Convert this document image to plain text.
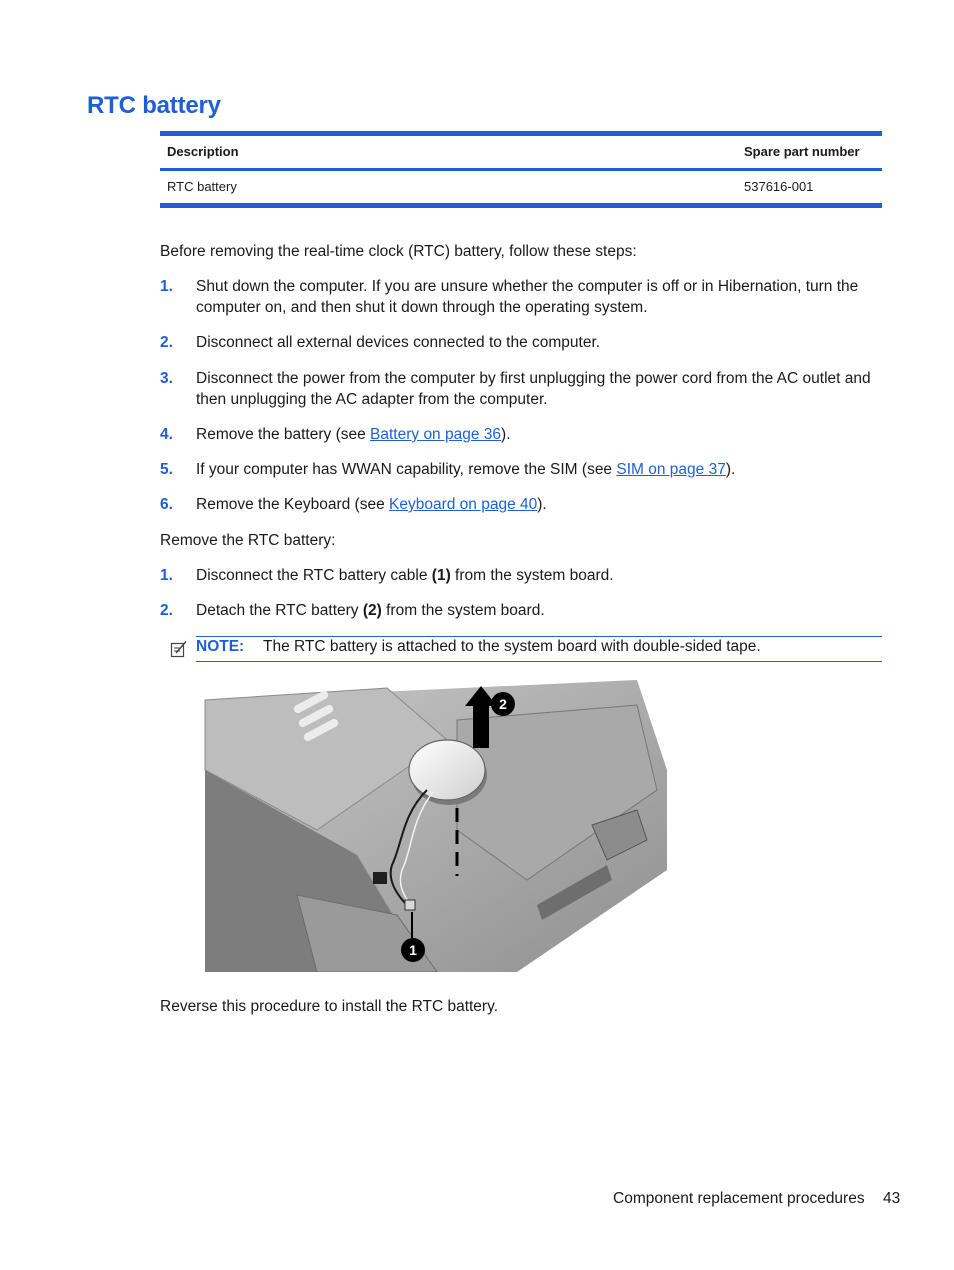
RTC battery
Description	Spare part number
RTC battery	537616-001

Before removing the real-time clock (RTC) battery, follow these steps:

1. Shut down the computer. If you are unsure whether the computer is off or in Hibernation, turn the computer on, and then shut it down through the operating system.
2. Disconnect all external devices connected to the computer.
3. Disconnect the power from the computer by first unplugging the power cord from the AC outlet and then unplugging the AC adapter from the computer.
4. Remove the battery (see Battery on page 36).
5. If your computer has WWAN capability, remove the SIM (see SIM on page 37).
6. Remove the Keyboard (see Keyboard on page 40).

Remove the RTC battery:

1. Disconnect the RTC battery cable (1) from the system board.
2. Detach the RTC battery (2) from the system board.
NOTE: The RTC battery is attached to the system board with double-sided tape.
1
2

Reverse this procedure to install the RTC battery.

Component replacement procedures 43
